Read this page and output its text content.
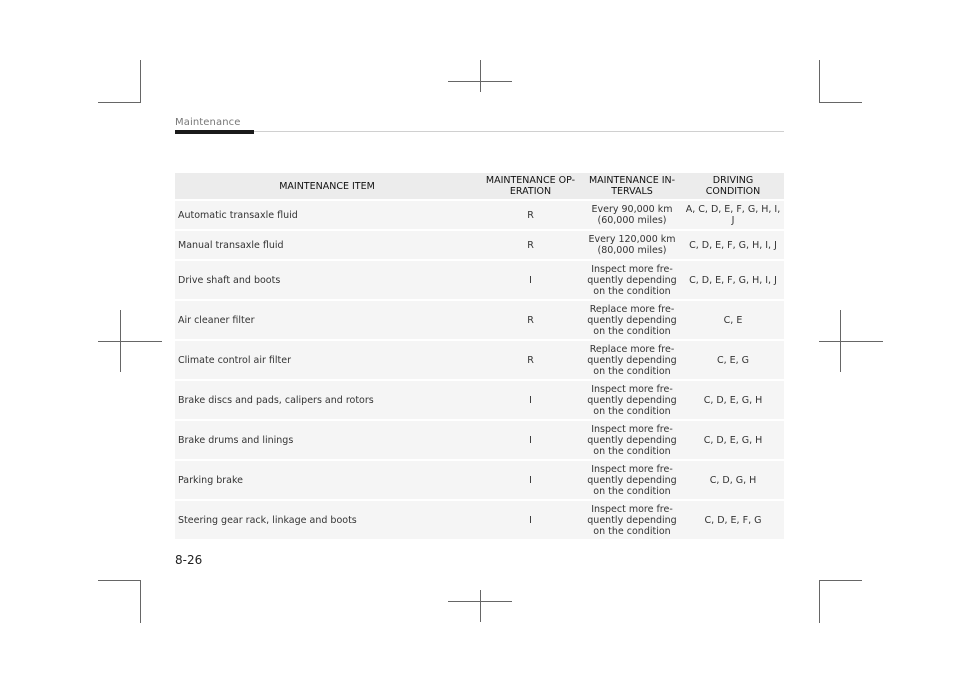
Maintenance
MAINTENANCE ITEM	MAINTENANCE OP-ERATION	MAINTENANCE IN-TERVALS	DRIVING CONDITION
Automatic transaxle fluid	R	Every 90,000 km (60,000 miles)	A, C, D, E, F, G, H, I, J
Manual transaxle fluid	R	Every 120,000 km (80,000 miles)	C, D, E, F, G, H, I, J
Drive shaft and boots	I	Inspect more fre-quently depending on the condition	C, D, E, F, G, H, I, J
Air cleaner filter	R	Replace more fre-quently depending on the condition	C, E
Climate control air filter	R	Replace more fre-quently depending on the condition	C, E, G
Brake discs and pads, calipers and rotors	I	Inspect more fre-quently depending on the condition	C, D, E, G, H
Brake drums and linings	I	Inspect more fre-quently depending on the condition	C, D, E, G, H
Parking brake	I	Inspect more fre-quently depending on the condition	C, D, G, H
Steering gear rack, linkage and boots	I	Inspect more fre-quently depending on the condition	C, D, E, F, G
8-26
